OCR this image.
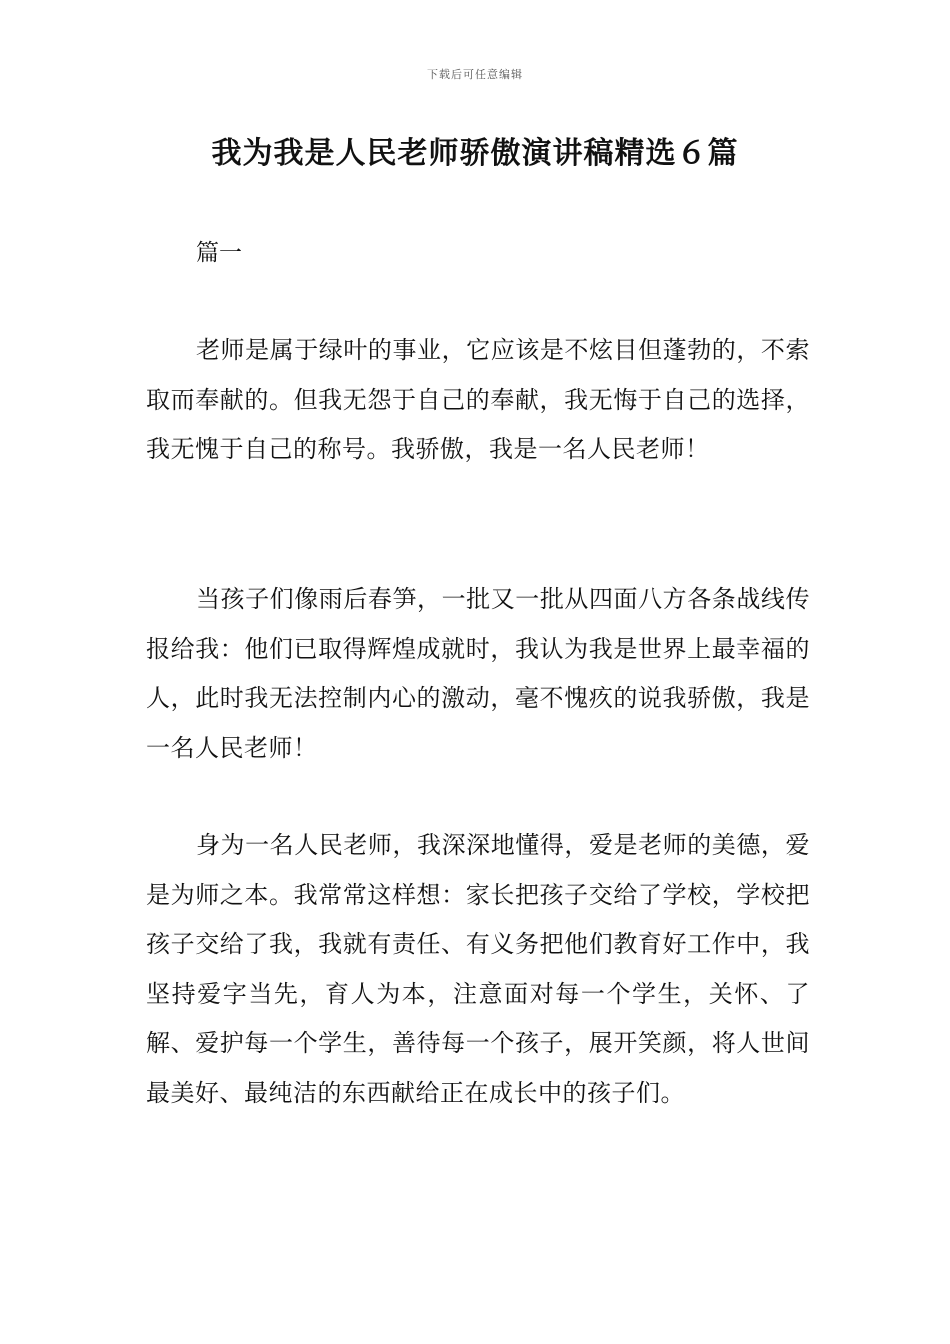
下载后可任意编辑
我为我是人民老师骄傲演讲稿精选６篇
篇一

老师是属于绿叶的事业，它应该是不炫目但蓬勃的，不索取而奉献的。但我无怨于自己的奉献，我无悔于自己的选择，我无愧于自己的称号。我骄傲，我是一名人民老师！

当孩子们像雨后春笋，一批又一批从四面八方各条战线传报给我：他们已取得辉煌成就时，我认为我是世界上最幸福的人，此时我无法控制内心的激动，毫不愧疚的说我骄傲，我是一名人民老师！

身为一名人民老师，我深深地懂得，爱是老师的美德，爱是为师之本。我常常这样想：家长把孩子交给了学校，学校把孩子交给了我，我就有责任、有义务把他们教育好工作中，我坚持爱字当先，育人为本，注意面对每一个学生，关怀、了解、爱护每一个学生，善待每一个孩子，展开笑颜，将人世间最美好、最纯洁的东西献给正在成长中的孩子们。
